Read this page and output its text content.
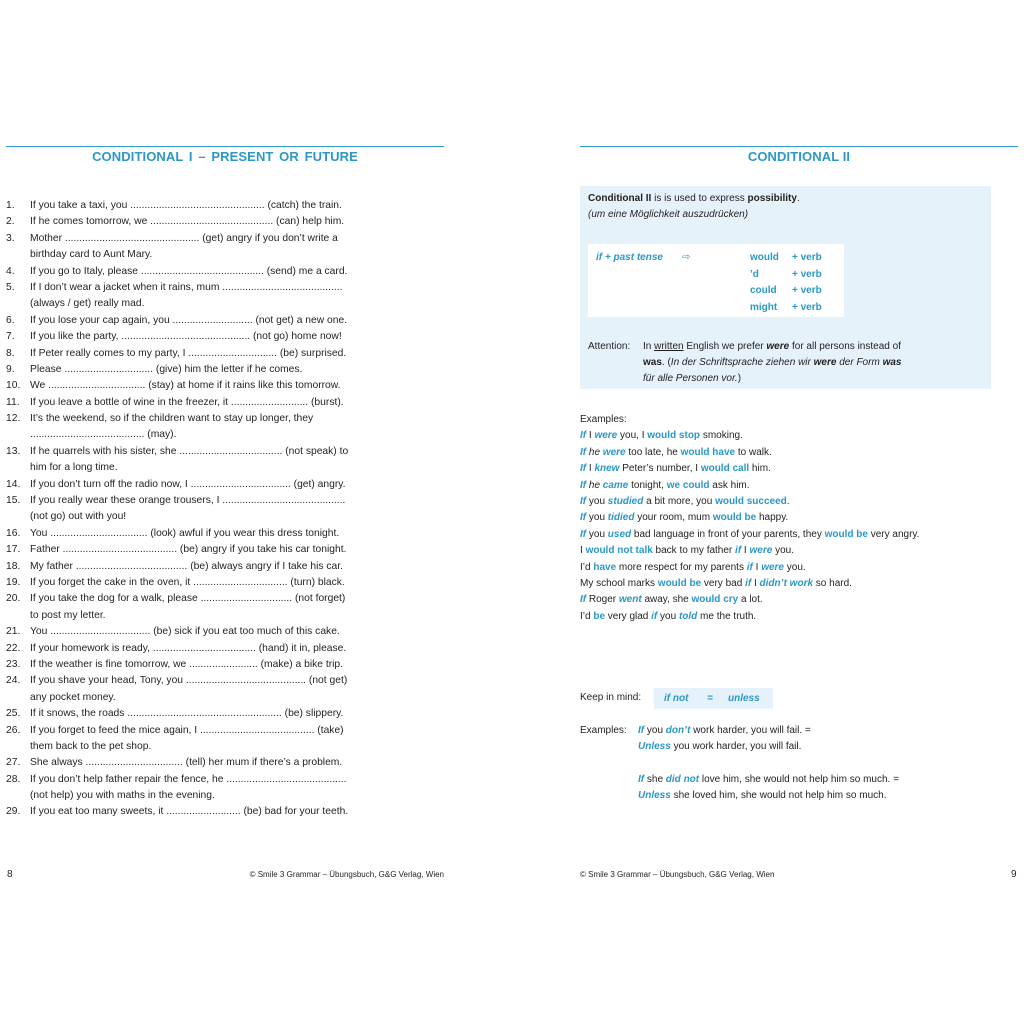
CONDITIONAL I – PRESENT OR FUTURE
1.	If you take a taxi, you ............................................... (catch) the train.
2.	If he comes tomorrow, we ........................................... (can) help him.
3.	Mother ............................................... (get) angry if you don’t write a
birthday card to Aunt Mary.
4.	If you go to Italy, please ........................................... (send) me a card.
5.	If I don’t wear a jacket when it rains, mum ..........................................
(always / get) really mad.
6.	If you lose your cap again, you ............................ (not get) a new one.
7.	If you like the party, ............................................. (not go) home now!
8.	If Peter really comes to my party, I ............................... (be) surprised.
9.	Please ............................... (give) him the letter if he comes.
10. We .................................. (stay) at home if it rains like this tomorrow.
11.	If you leave a bottle of wine in the freezer, it ........................... (burst).
12. It’s the weekend, so if the children want to stay up longer, they
........................................ (may).
13. If he quarrels with his sister, she .................................... (not speak) to
him for a long time.
14. If you don’t turn off the radio now, I ................................... (get) angry.
15. If you really wear these orange trousers, I ...........................................
(not go) out with you!
16. You .................................. (look) awful if you wear this dress tonight.
17. Father ........................................ (be) angry if you take his car tonight.
18. My father ....................................... (be) always angry if I take his car.
19. If you forget the cake in the oven, it ................................. (turn) black.
20. If you take the dog for a walk, please ................................ (not forget)
to post my letter.
21. You ................................... (be) sick if you eat too much of this cake.
22. If your homework is ready, .................................... (hand) it in, please.
23. If the weather is fine tomorrow, we ........................ (make) a bike trip.
24. If you shave your head, Tony, you .......................................... (not get)
any pocket money.
25. If it snows, the roads ...................................................... (be) slippery.
26. If you forget to feed the mice again, I ........................................ (take)
them back to the pet shop.
27. She always .................................. (tell) her mum if there’s a problem.
28. If you don’t help father repair the fence, he ..........................................
(not help) you with maths in the evening.
29. If you eat too many sweets, it .......................... (be) bad for your teeth.
8	© Smile 3 Grammar – Übungsbuch, G&G Verlag, Wien
CONDITIONAL II
Conditional II is is used to express possibility.
(um eine Möglichkeit auszudrücken)
if + past tense ⇨	would + verb
’d	+ verb
could + verb
might + verb
Attention: In written English we prefer were for all persons instead of
was. (In der Schriftsprache ziehen wir were der Form was
für alle Personen vor.)
Examples:
If I were you, I would stop smoking.
If he were too late, he would have to walk.
If I knew Peter’s number, I would call him.
If he came tonight, we could ask him.
If you studied a bit more, you would succeed.
If you tidied your room, mum would be happy.
If you used bad language in front of your parents, they would be very angry.
I would not talk back to my father if I were you.
I’d have more respect for my parents if I were you.
My school marks would be very bad if I didn’t work so hard.
If Roger went away, she would cry a lot.
I’d be very glad if you told me the truth.
Keep in mind: if not = unless
Examples: If you don’t work harder, you will fail. =
Unless you work harder, you will fail.
If she did not love him, she would not help him so much. =
Unless she loved him, she would not help him so much.
© Smile 3 Grammar – Übungsbuch, G&G Verlag, Wien	9
